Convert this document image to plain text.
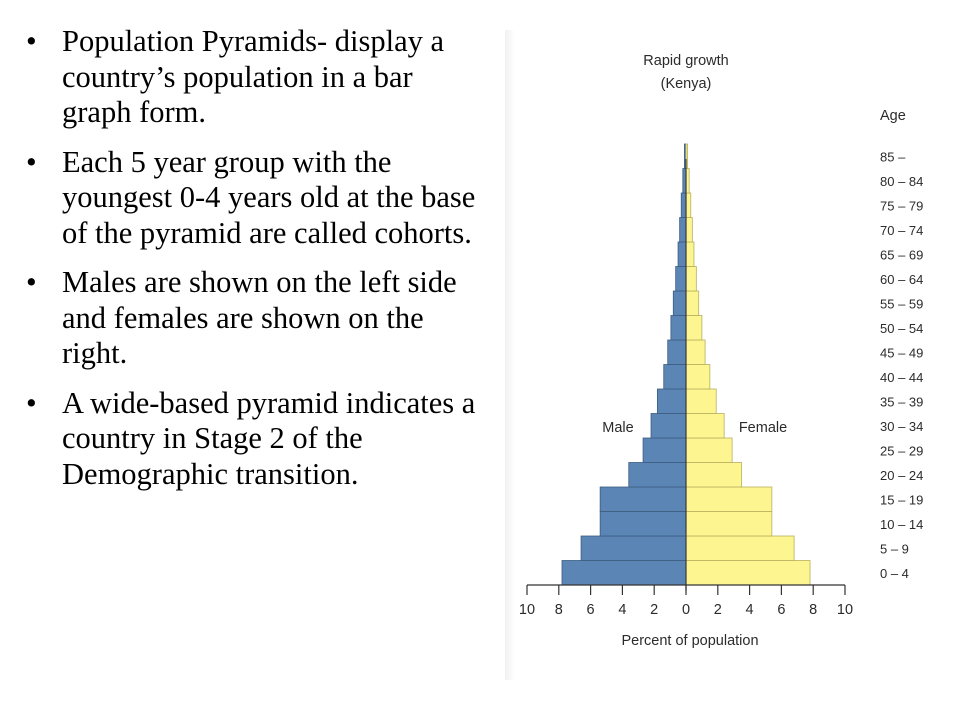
• Population Pyramids- display a country’s population in a bar graph form.
• Each 5 year group with the youngest 0-4 years old at the base of the pyramid are called cohorts.
• Males are shown on the left side and females are shown on the right.
• A wide-based pyramid indicates a country in Stage 2 of the Demographic transition.
Rapid growth
(Kenya)
Age
Male	Female
Percent of population
10 8 6 4 2 0 2 4 6 8 10
0 – 4
5 – 9
10 – 14
15 – 19
20 – 24
25 – 29
30 – 34
35 – 39
40 – 44
45 – 49
50 – 54
55 – 59
60 – 64
65 – 69
70 – 74
75 – 79
80 – 84
85 –
